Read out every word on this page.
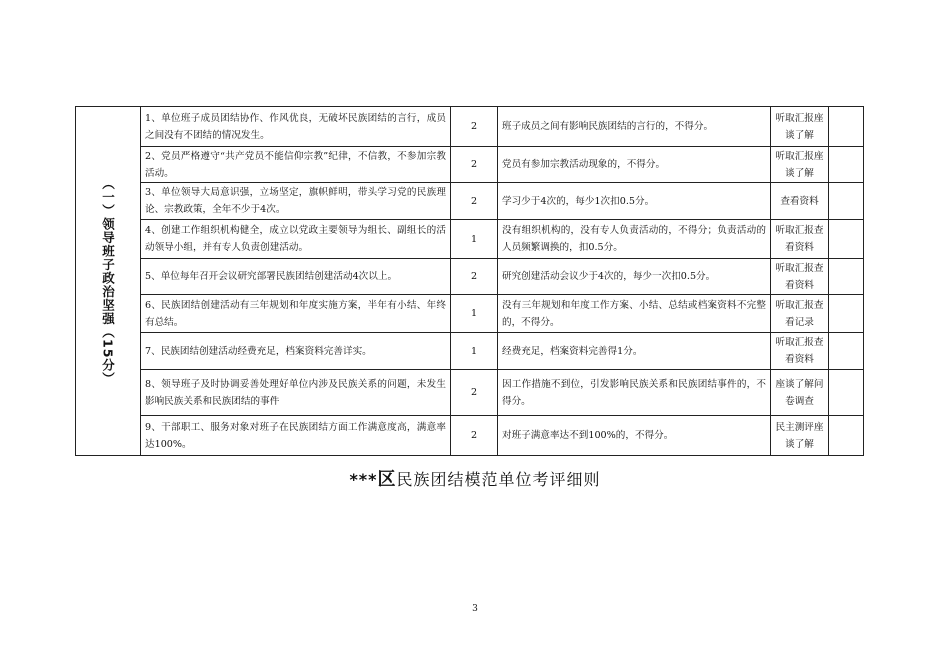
（一）领导班子政治坚强（15分）	1、单位班子成员团结协作、作风优良，无破坏民族团结的言行，成员之间没有不团结的情况发生。	2	班子成员之间有影响民族团结的言行的，不得分。	听取汇报座谈了解	
	2、党员严格遵守“共产党员不能信仰宗教”纪律，不信教，不参加宗教活动。	2	党员有参加宗教活动现象的，不得分。	听取汇报座谈了解	
	3、单位领导大局意识强，立场坚定，旗帜鲜明，带头学习党的民族理论、宗教政策，全年不少于4次。	2	学习少于4次的，每少1次扣0.5分。	查看资料	
	4、创建工作组织机构健全，成立以党政主要领导为组长、副组长的活动领导小组，并有专人负责创建活动。	1	没有组织机构的，没有专人负责活动的，不得分；负责活动的人员频繁调换的，扣0.5分。	听取汇报查看资料	
	5、单位每年召开会议研究部署民族团结创建活动4次以上。	2	研究创建活动会议少于4次的，每少一次扣0.5分。	听取汇报查看资料	
	6、民族团结创建活动有三年规划和年度实施方案，半年有小结、年终有总结。	1	没有三年规划和年度工作方案、小结、总结或档案资料不完整的，不得分。	听取汇报查看记录	
	7、民族团结创建活动经费充足，档案资料完善详实。	1	经费充足，档案资料完善得1分。	听取汇报查看资料	
	8、领导班子及时协调妥善处理好单位内涉及民族关系的问题，未发生影响民族关系和民族团结的事件	2	因工作措施不到位，引发影响民族关系和民族团结事件的，不得分。	座谈了解问卷调查	
	9、干部职工、服务对象对班子在民族团结方面工作满意度高，满意率达100%。	2	对班子满意率达不到100%的，不得分。	民主测评座谈了解	
***区民族团结模范单位考评细则
3
